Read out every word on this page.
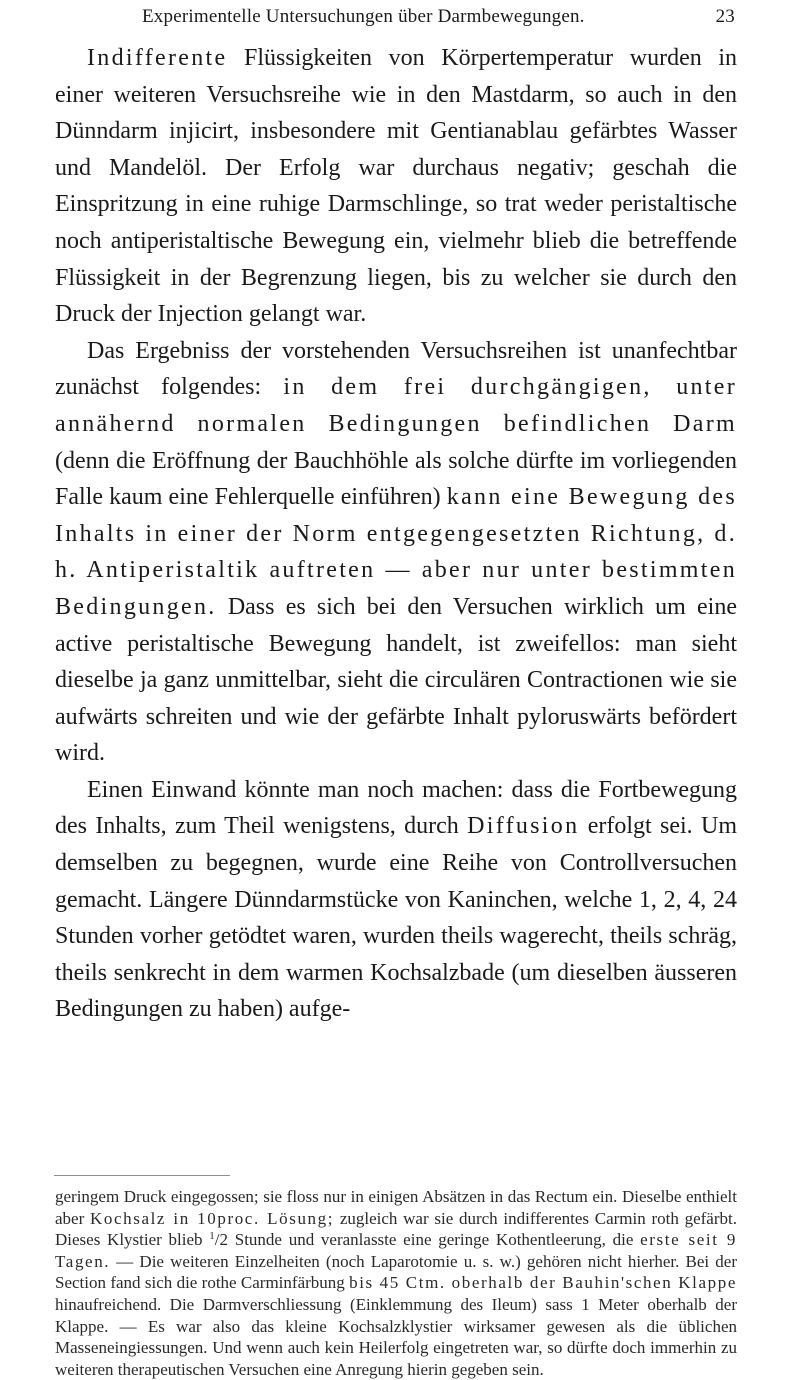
Experimentelle Untersuchungen über Darmbewegungen.	23

Indifferente Flüssigkeiten von Körpertemperatur wurden in einer weiteren Versuchsreihe wie in den Mastdarm, so auch in den Dünndarm injicirt, insbesondere mit Gentianablau gefärbtes Wasser und Mandelöl. Der Erfolg war durchaus negativ; geschah die Einspritzung in eine ruhige Darmschlinge, so trat weder peristaltische noch antiperistaltische Bewegung ein, vielmehr blieb die betreffende Flüssigkeit in der Begrenzung liegen, bis zu welcher sie durch den Druck der Injection gelangt war.

Das Ergebniss der vorstehenden Versuchsreihen ist unanfechtbar zunächst folgendes: in dem frei durchgängigen, unter annähernd normalen Bedingungen befindlichen Darm (denn die Eröffnung der Bauchhöhle als solche dürfte im vorliegenden Falle kaum eine Fehlerquelle einführen) kann eine Bewegung des Inhalts in einer der Norm entgegengesetzten Richtung, d. h. Antiperistaltik auftreten — aber nur unter bestimmten Bedingungen. Dass es sich bei den Versuchen wirklich um eine active peristaltische Bewegung handelt, ist zweifellos: man sieht dieselbe ja ganz unmittelbar, sieht die circulären Contractionen wie sie aufwärts schreiten und wie der gefärbte Inhalt pyloruswärts befördert wird.

Einen Einwand könnte man noch machen: dass die Fortbewegung des Inhalts, zum Theil wenigstens, durch Diffusion erfolgt sei. Um demselben zu begegnen, wurde eine Reihe von Controllversuchen gemacht. Längere Dünndarmstücke von Kaninchen, welche 1, 2, 4, 24 Stunden vorher getödtet waren, wurden theils wagerecht, theils schräg, theils senkrecht in dem warmen Kochsalzbade (um dieselben äusseren Bedingungen zu haben) aufge-

geringem Druck eingegossen; sie floss nur in einigen Absätzen in das Rectum ein. Dieselbe enthielt aber Kochsalz in 10proc. Lösung; zugleich war sie durch indifferentes Carmin roth gefärbt. Dieses Klystier blieb $^1$/2 Stunde und veranlasste eine geringe Kothentleerung, die erste seit 9 Tagen. — Die weiteren Einzelheiten (noch Laparotomie u. s. w.) gehören nicht hierher. Bei der Section fand sich die rothe Carminfärbung bis 45 Ctm. oberhalb der Bauhin'schen Klappe hinaufreichend. Die Darmverschliessung (Einklemmung des Ileum) sass 1 Meter oberhalb der Klappe. — Es war also das kleine Kochsalzklystier wirksamer gewesen als die üblichen Masseneingiessungen. Und wenn auch kein Heilerfolg eingetreten war, so dürfte doch immerhin zu weiteren therapeutischen Versuchen eine Anregung hierin gegeben sein.
